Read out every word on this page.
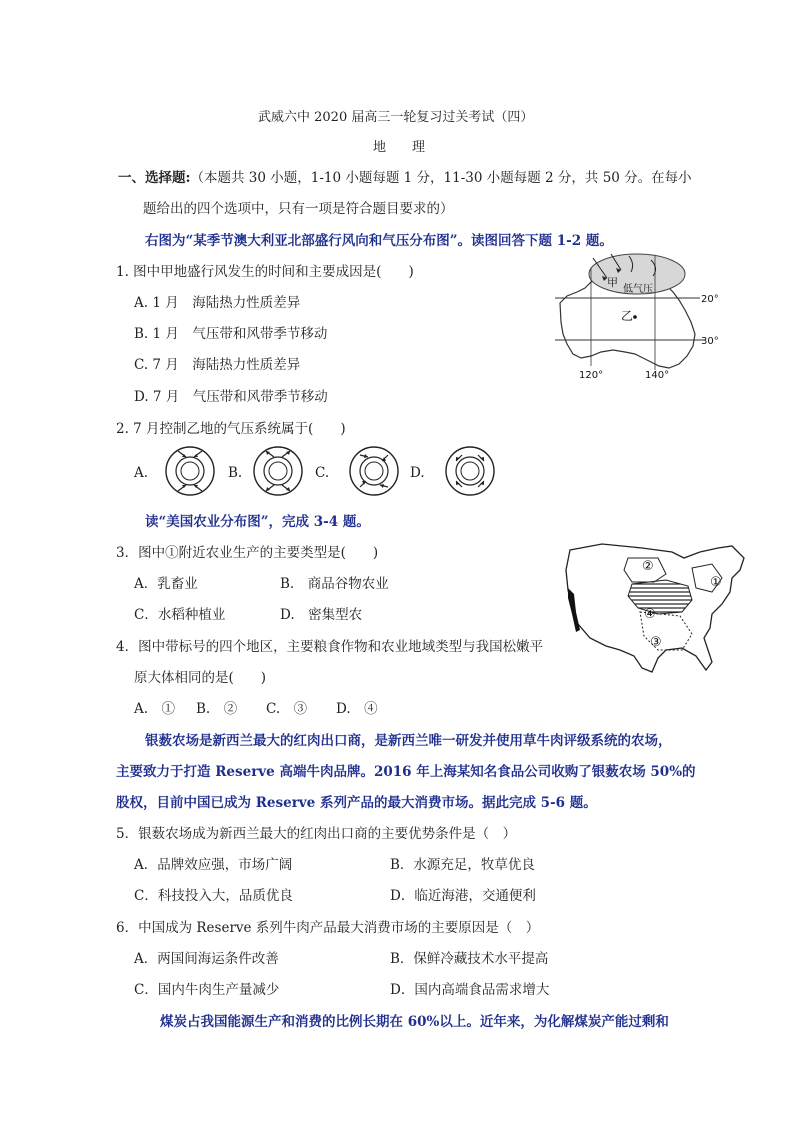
武威六中 2020 届高三一轮复习过关考试（四）
地　　理
一、选择题:（本题共 30 小题，1-10 小题每题 1 分，11-30 小题每题 2 分，共 50 分。在每小
题给出的四个选项中，只有一项是符合题目要求的）
右图为“某季节澳大利亚北部盛行风向和气压分布图”。读图回答下题 1-2 题。
1. 图中甲地盛行风发生的时间和主要成因是(　　)
A. 1 月　海陆热力性质差异
B. 1 月　气压带和风带季节移动
C. 7 月　海陆热力性质差异
D. 7 月　气压带和风带季节移动
甲
低气压
乙
20°
30°
120°	140°
2. 7 月控制乙地的气压系统属于(　　)
A.	B.	C.	D.
读“美国农业分布图”，完成 3-4 题。
3．图中①附近农业生产的主要类型是(　　)
A．乳畜业	B.　商品谷物农业
C．水稻种植业	D.　密集型农
4．图中带标号的四个地区，主要粮食作物和农业地域类型与我国松嫩平
原大体相同的是(　　)
A.　① B.　② C.　③ D.　④
①
②
③
④
银薮农场是新西兰最大的红肉出口商，是新西兰唯一研发并使用草牛肉评级系统的农场，
主要致力于打造 Reserve 高端牛肉品牌。2016 年上海某知名食品公司收购了银薮农场 50%的
股权，目前中国已成为 Reserve 系列产品的最大消费市场。据此完成 5-6 题。
5．银薮农场成为新西兰最大的红肉出口商的主要优势条件是（　）
A．品牌效应强，市场广阔	B．水源充足，牧草优良
C．科技投入大，品质优良	D．临近海港，交通便利
6．中国成为 Reserve 系列牛肉产品最大消费市场的主要原因是（　）
A．两国间海运条件改善	B．保鲜冷藏技术水平提高
C．国内牛肉生产量减少	D．国内高端食品需求增大
煤炭占我国能源生产和消费的比例长期在 60%以上。近年来，为化解煤炭产能过剩和
